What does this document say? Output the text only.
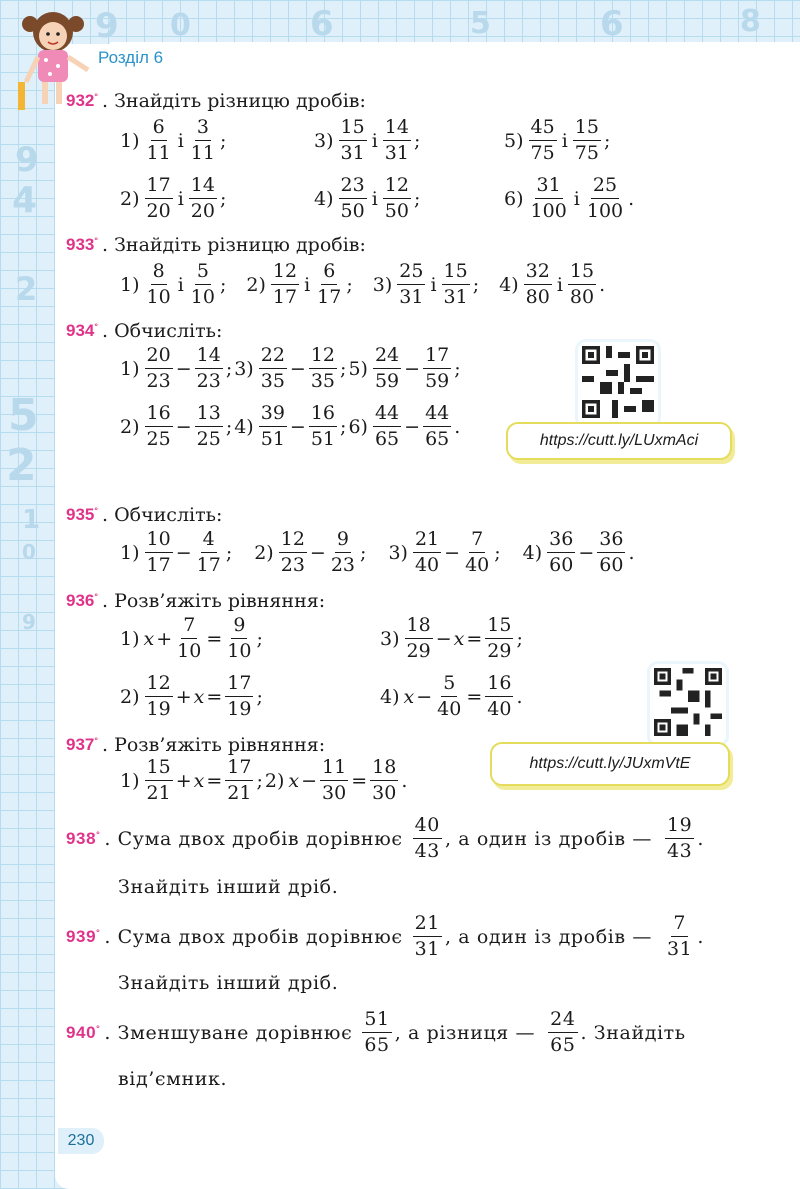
9 0	6	5	6	8
9
4
2
5
2
1
0
9
Розділ 6
932° . Знайдіть різницю дробів:
$1) \frac{6}{11}$ і $\frac{3}{11}$ ;	$3) \frac{15}{31}$ і $\frac{14}{31}$ ;	$5) \frac{45}{75}$ і $\frac{15}{75}$ ;
$2) \frac{17}{20}$ і $\frac{14}{20}$ ;	$4) \frac{23}{50}$ і $\frac{12}{50}$ ;	$6) \frac{31}{100}$ і $\frac{25}{100}$ .
933° . Знайдіть різницю дробів:
$1) \frac{8}{10}$ і $\frac{5}{10}$ ; $2) \frac{12}{17}$ і $\frac{6}{17}$ ; $3) \frac{25}{31}$ і $\frac{15}{31}$ ; $4) \frac{32}{80}$ і $\frac{15}{80}$ .
934° . Обчисліть:
$1) \frac{20}{23} - \frac{14}{23}$ ; $3) \frac{22}{35} - \frac{12}{35}$ ; $5) \frac{24}{59} - \frac{17}{59}$ ;
$2) \frac{16}{25} - \frac{13}{25}$ ; $4) \frac{39}{51} - \frac{16}{51}$ ; $6) \frac{44}{65} - \frac{44}{65}$ .
https://cutt.ly/LUxmAci
935° . Обчисліть:
$1) \frac{10}{17} - \frac{4}{17}$ ; $2) \frac{12}{23} - \frac{9}{23}$ ; $3) \frac{21}{40} - \frac{7}{40}$ ; $4) \frac{36}{60} - \frac{36}{60}$ .
936° . Розв’яжіть рівняння:
1) $x + \frac{7}{10} = \frac{9}{10}$ ;	$3) \frac{18}{29} - x = \frac{15}{29}$ ;
$2) \frac{12}{19} + x = \frac{17}{19}$ ;	4) $x - \frac{5}{40} = \frac{16}{40}$ .
937° . Розв’яжіть рівняння:
https://cutt.ly/JUxmVtE
$1) \frac{15}{21} + x = \frac{17}{21}$ ; 2) $x - \frac{11}{30} = \frac{18}{30}$ .
938° . Сума двох дробів дорівнює $\frac{40}{43}$ , а один із дробів — $\frac{19}{43}$ .
Знайдіть інший дріб.
939° . Сума двох дробів дорівнює $\frac{21}{31}$ , а один із дробів — $\frac{7}{31}$ .
Знайдіть інший дріб.
940° . Зменшуване дорівнює $\frac{51}{65}$ , а різниця — $\frac{24}{65}$ . Знайдіть
від’ємник.
230
